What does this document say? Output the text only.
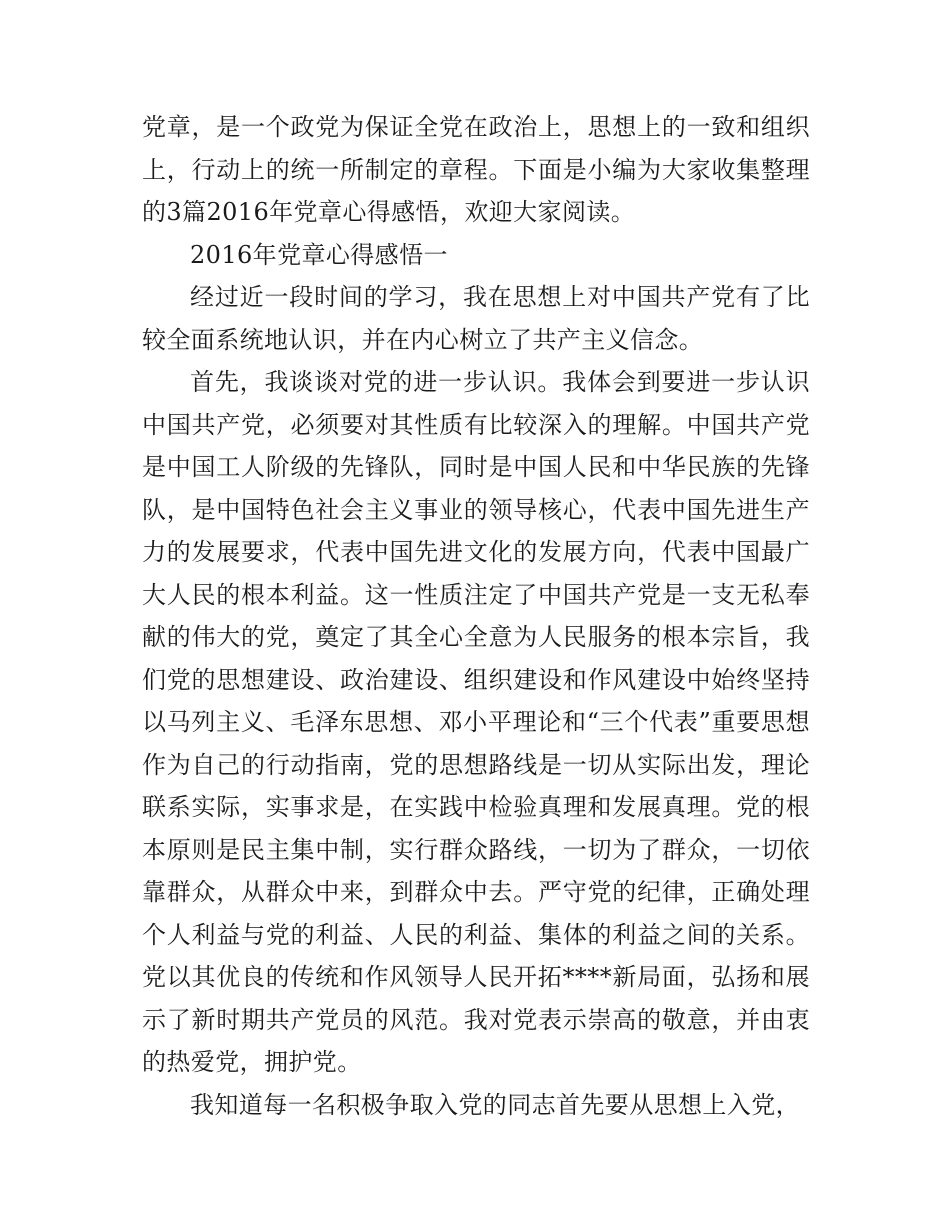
党章，是一个政党为保证全党在政治上，思想上的一致和组织上，行动上的统一所制定的章程。下面是小编为大家收集整理的3篇2016年党章心得感悟，欢迎大家阅读。

2016年党章心得感悟一

经过近一段时间的学习，我在思想上对中国共产党有了比较全面系统地认识，并在内心树立了共产主义信念。

首先，我谈谈对党的进一步认识。我体会到要进一步认识中国共产党，必须要对其性质有比较深入的理解。中国共产党是中国工人阶级的先锋队，同时是中国人民和中华民族的先锋队，是中国特色社会主义事业的领导核心，代表中国先进生产力的发展要求，代表中国先进文化的发展方向，代表中国最广大人民的根本利益。这一性质注定了中国共产党是一支无私奉献的伟大的党，奠定了其全心全意为人民服务的根本宗旨，我们党的思想建设、政治建设、组织建设和作风建设中始终坚持以马列主义、毛泽东思想、邓小平理论和“三个代表”重要思想作为自己的行动指南，党的思想路线是一切从实际出发，理论联系实际，实事求是，在实践中检验真理和发展真理。党的根本原则是民主集中制，实行群众路线，一切为了群众，一切依靠群众，从群众中来，到群众中去。严守党的纪律，正确处理个人利益与党的利益、人民的利益、集体的利益之间的关系。党以其优良的传统和作风领导人民开拓****新局面，弘扬和展示了新时期共产党员的风范。我对党表示崇高的敬意，并由衷的热爱党，拥护党。

我知道每一名积极争取入党的同志首先要从思想上入党，
